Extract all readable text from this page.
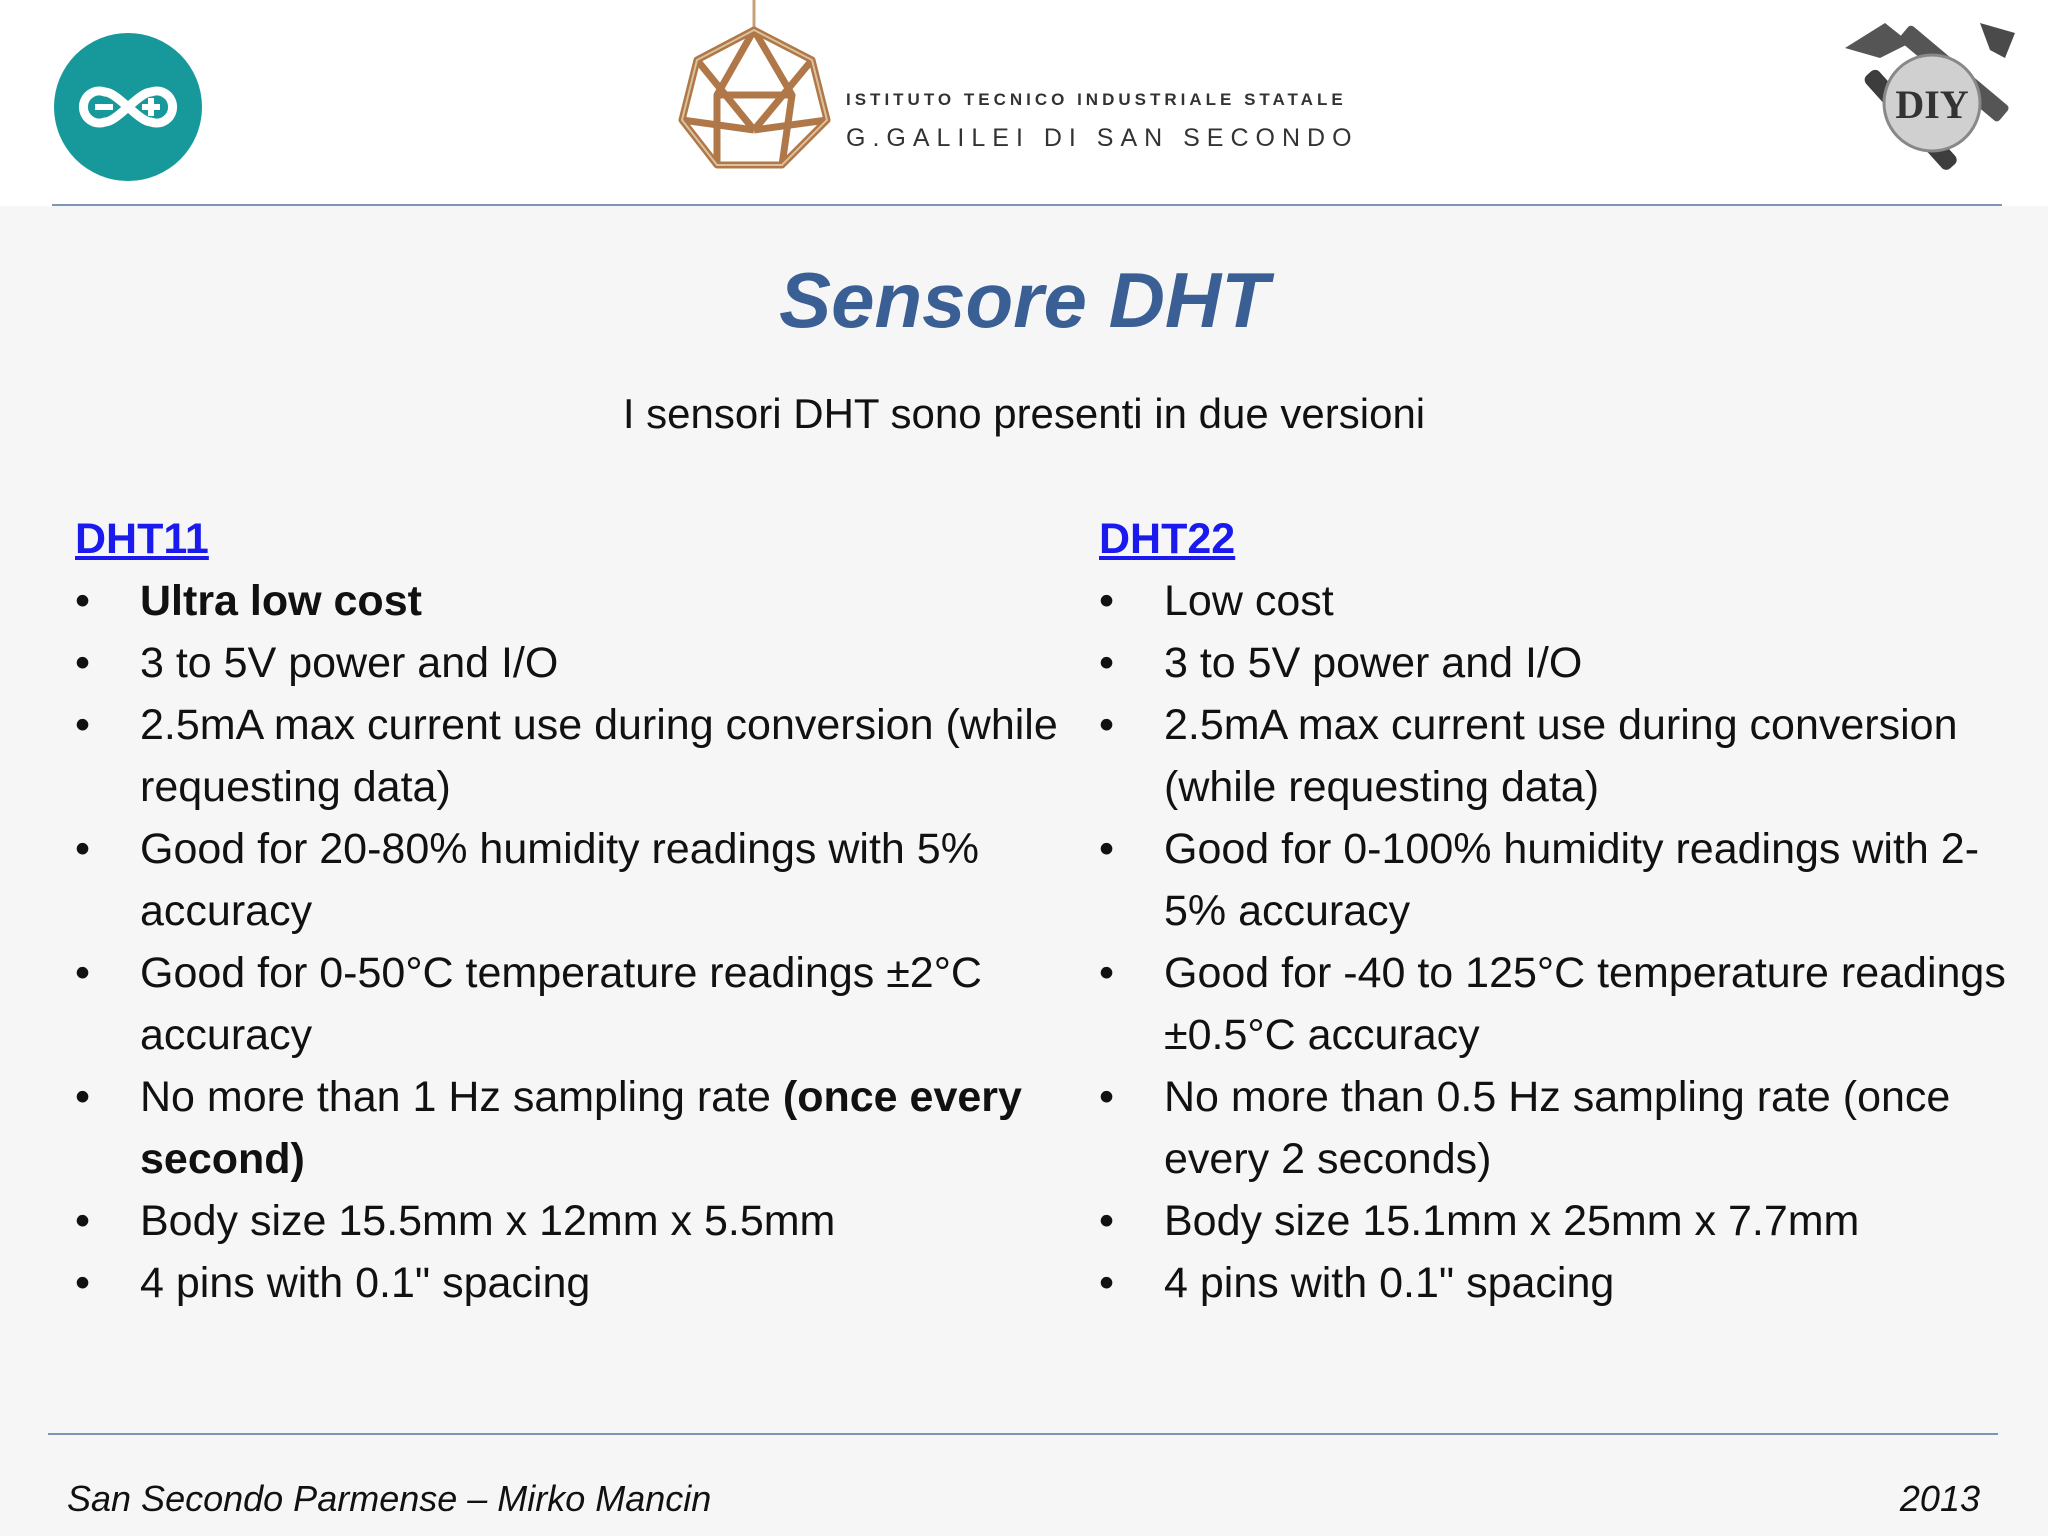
ISTITUTO TECNICO INDUSTRIALE STATALE
G.GALILEI DI SAN SECONDO
DIY
Sensore DHT
I sensori DHT sono presenti in due versioni
DHT11
•	Ultra low cost
•	3 to 5V power and I/O
•	2.5mA max current use during conversion (while requesting data)
•	Good for 20-80% humidity readings with 5% accuracy
•	Good for 0-50°C temperature readings ±2°C accuracy
•	No more than 1 Hz sampling rate (once every second)
•	Body size 15.5mm x 12mm x 5.5mm
•	4 pins with 0.1" spacing
DHT22
•	Low cost
•	3 to 5V power and I/O
•	2.5mA max current use during conversion (while requesting data)
•	Good for 0-100% humidity readings with 2-5% accuracy
•	Good for -40 to 125°C temperature readings ±0.5°C accuracy
•	No more than 0.5 Hz sampling rate (once every 2 seconds)
•	Body size 15.1mm x 25mm x 7.7mm
•	4 pins with 0.1" spacing
San Secondo Parmense – Mirko Mancin	2013
